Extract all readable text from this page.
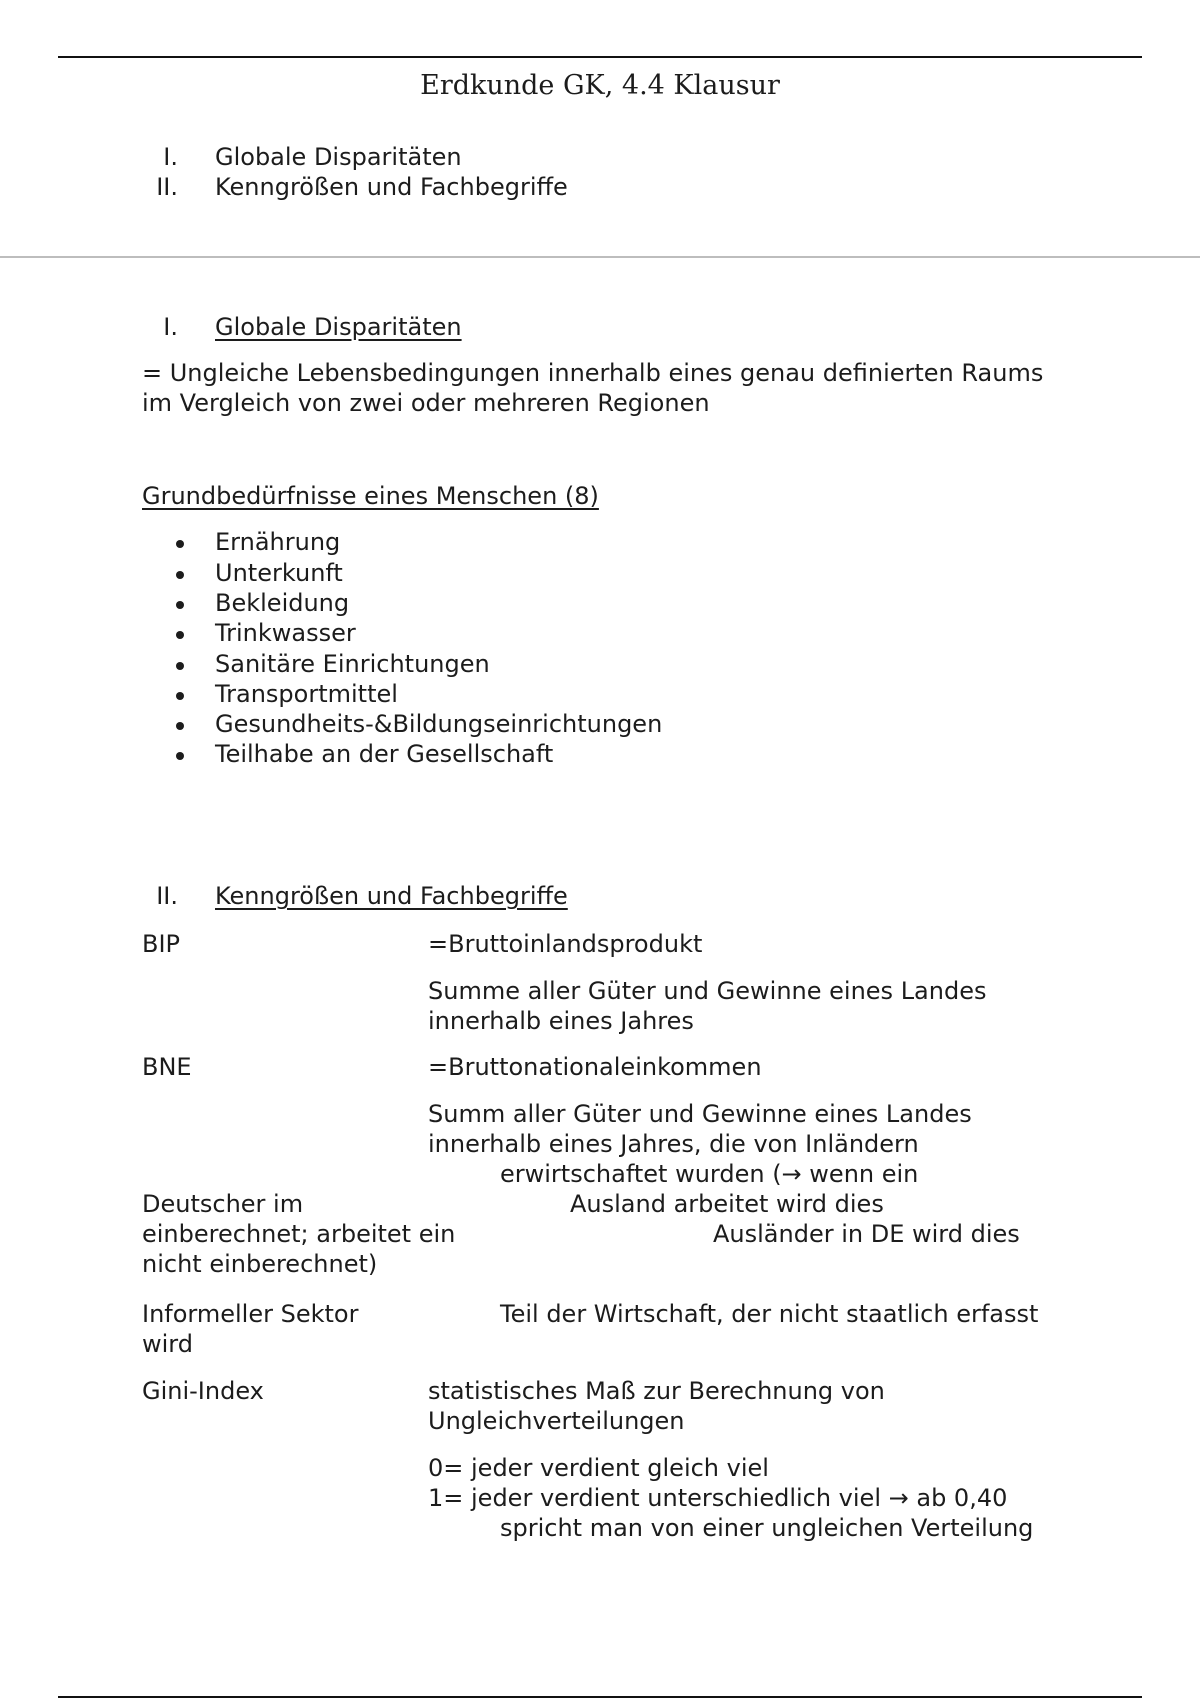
Erdkunde GK, 4.4 Klausur
I. Globale Disparitäten
II. Kenngrößen und Fachbegriffe
I. Globale Disparitäten
= Ungleiche Lebensbedingungen innerhalb eines genau definierten Raums
im Vergleich von zwei oder mehreren Regionen
Grundbedürfnisse eines Menschen (8)
Ernährung
Unterkunft
Bekleidung
Trinkwasser
Sanitäre Einrichtungen
Transportmittel
Gesundheits-&Bildungseinrichtungen
Teilhabe an der Gesellschaft
II. Kenngrößen und Fachbegriffe
BIP	=Bruttoinlandsprodukt
Summe aller Güter und Gewinne eines Landes
innerhalb eines Jahres
BNE	=Bruttonationaleinkommen
Summ aller Güter und Gewinne eines Landes
innerhalb eines Jahres, die von Inländern
erwirtschaftet wurden (→ wenn ein
Deutscher im	Ausland arbeitet wird dies
einberechnet; arbeitet ein	Ausländer in DE wird dies
nicht einberechnet)
Informeller Sektor	Teil der Wirtschaft, der nicht staatlich erfasst
wird
Gini-Index	statistisches Maß zur Berechnung von
Ungleichverteilungen
0= jeder verdient gleich viel
1= jeder verdient unterschiedlich viel → ab 0,40
spricht man von einer ungleichen Verteilung
